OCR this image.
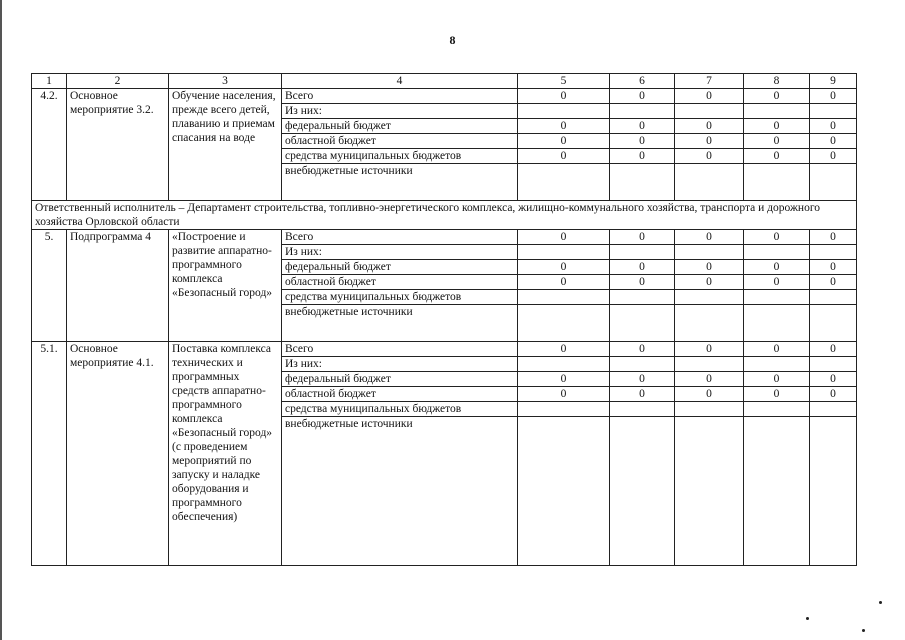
8
1	2	3	4	5	6	7	8	9
4.2.	Основное мероприятие 3.2.	Обучение населения, прежде всего детей, плаванию и приемам спасания на воде	Всего	0	0	0	0	0
			Из них:					
			федеральный бюджет	0	0	0	0	0
			областной бюджет	0	0	0	0	0
			средства муниципальных бюджетов	0	0	0	0	0
			внебюджетные источники					
Ответственный исполнитель – Департамент строительства, топливно-энергетического комплекса, жилищно-коммунального хозяйства, транспорта и дорожного хозяйства Орловской области								
5.	Подпрограмма 4	«Построение и развитие аппаратно-программного комплекса «Безопасный город»	Всего	0	0	0	0	0
			Из них:					
			федеральный бюджет	0	0	0	0	0
			областной бюджет	0	0	0	0	0
			средства муниципальных бюджетов					
			внебюджетные источники					
5.1.	Основное мероприятие 4.1.	Поставка комплекса технических и программных средств аппаратно-программного комплекса «Безопасный город» (с проведением мероприятий по запуску и наладке оборудования и программного обеспечения)	Всего	0	0	0	0	0
			Из них:					
			федеральный бюджет	0	0	0	0	0
			областной бюджет	0	0	0	0	0
			средства муниципальных бюджетов					
			внебюджетные источники					
